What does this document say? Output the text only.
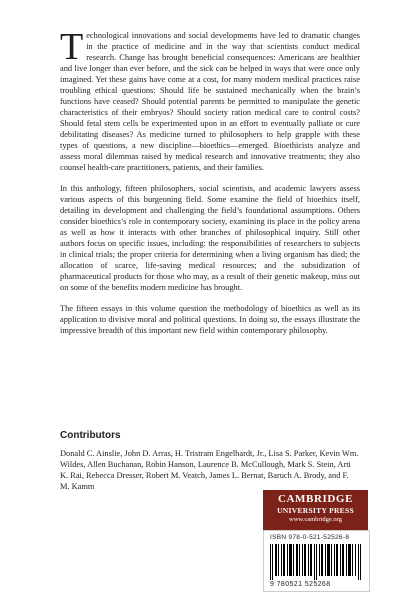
Technological innovations and social developments have led to dramatic changes in the practice of medicine and in the way that scientists conduct medical research. Change has brought beneficial consequences: Americans are healthier and live longer than ever before, and the sick can be helped in ways that were once only imagined. Yet these gains have come at a cost, for many modern medical practices raise troubling ethical questions: Should life be sustained mechanically when the brain’s functions have ceased? Should potential parents be permitted to manipulate the genetic characteristics of their embryos? Should society ration medical care to control costs? Should fetal stem cells be experimented upon in an effort to eventually palliate or cure debilitating diseases? As medicine turned to philosophers to help grapple with these types of questions, a new discipline—bioethics—emerged. Bioethicists analyze and assess moral dilemmas raised by medical research and innovative treatments; they also counsel health-care practitioners, patients, and their families.

In this anthology, fifteen philosophers, social scientists, and academic lawyers assess various aspects of this burgeoning field. Some examine the field of bioethics itself, detailing its development and challenging the field’s foundational assumptions. Others consider bioethics’s role in contemporary society, examining its place in the policy arena as well as how it interacts with other branches of philosophical inquiry. Still other authors focus on specific issues, including: the responsibilities of researchers to subjects in clinical trials; the proper criteria for determining when a living organism has died; the allocation of scarce, life-saving medical resources; and the subsidization of pharmaceutical products for those who may, as a result of their genetic makeup, miss out on some of the benefits modern medicine has brought.

The fifteen essays in this volume question the methodology of bioethics as well as its application to divisive moral and political questions. In doing so, the essays illustrate the impressive breadth of this important new field within contemporary philosophy.

Contributors
Donald C. Ainslie, John D. Arras, H. Tristram Engelhardt, Jr., Lisa S. Parker, Kevin Wm. Wildes, Allen Buchanan, Robin Hanson, Laurence B. McCullough, Mark S. Stein, Arti K. Rai, Rebecca Dresser, Robert M. Veatch, James L. Bernat, Baruch A. Brody, and F. M. Kamm
CAMBRIDGE
UNIVERSITY PRESS
www.cambridge.org
ISBN 978-0-521-52526-8
9 780521 525268
